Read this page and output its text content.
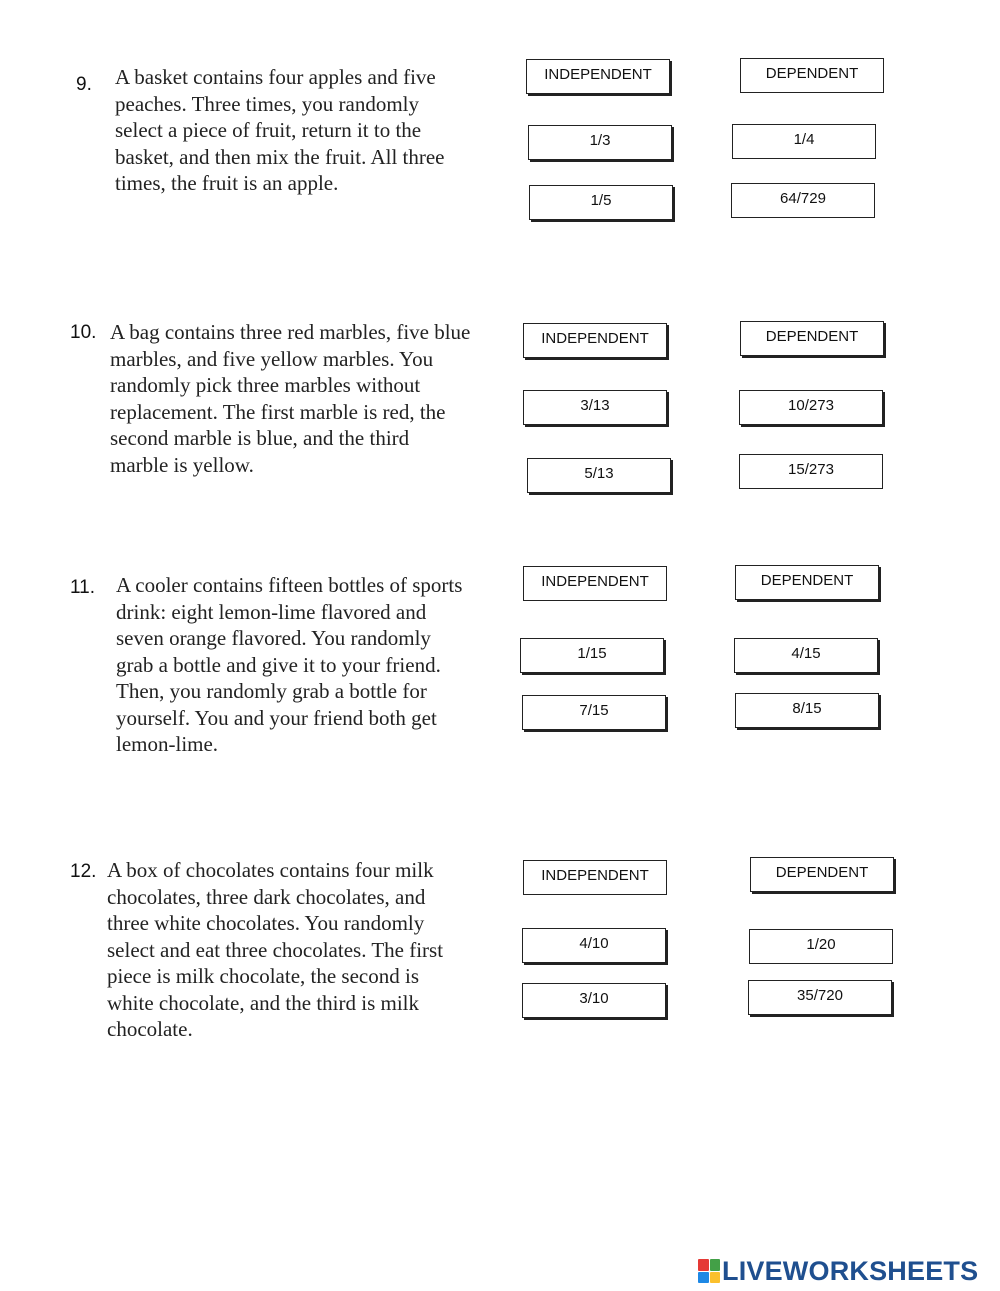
9. A basket contains four apples and five
peaches. Three times, you randomly
select a piece of fruit, return it to the
basket, and then mix the fruit. All three
times, the fruit is an apple.
INDEPENDENT
1/3
1/5
DEPENDENT
1/4
64/729
10. A bag contains three red marbles, five blue
marbles, and five yellow marbles. You
randomly pick three marbles without
replacement. The first marble is red, the
second marble is blue, and the third
marble is yellow.
INDEPENDENT
3/13
5/13
DEPENDENT
10/273
15/273
11. A cooler contains fifteen bottles of sports
drink: eight lemon-lime flavored and
seven orange flavored. You randomly
grab a bottle and give it to your friend.
Then, you randomly grab a bottle for
yourself. You and your friend both get
lemon-lime.
INDEPENDENT
1/15
7/15
DEPENDENT
4/15
8/15
12. A box of chocolates contains four milk
chocolates, three dark chocolates, and
three white chocolates. You randomly
select and eat three chocolates. The first
piece is milk chocolate, the second is
white chocolate, and the third is milk
chocolate.
INDEPENDENT
4/10
3/10
DEPENDENT
1/20
35/720
LIVEWORKSHEETS
